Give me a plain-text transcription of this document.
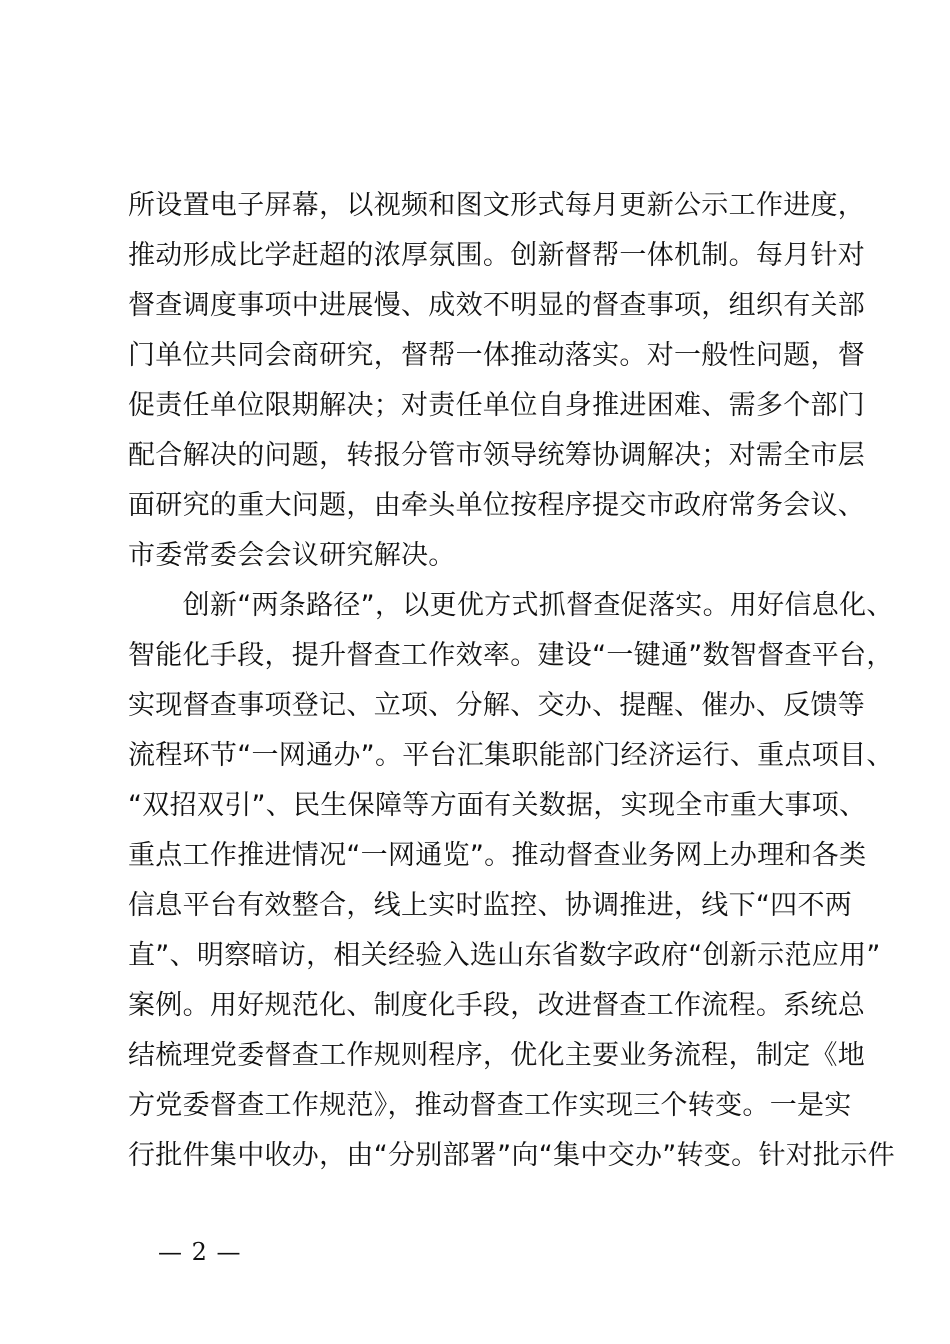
所设置电子屏幕，以视频和图文形式每月更新公示工作进度，
推动形成比学赶超的浓厚氛围。创新督帮一体机制。每月针对
督查调度事项中进展慢、成效不明显的督查事项，组织有关部
门单位共同会商研究，督帮一体推动落实。对一般性问题，督
促责任单位限期解决；对责任单位自身推进困难、需多个部门
配合解决的问题，转报分管市领导统筹协调解决；对需全市层
面研究的重大问题，由牵头单位按程序提交市政府常务会议、
市委常委会会议研究解决。
　　创新“两条路径”，以更优方式抓督查促落实。用好信息化、
智能化手段，提升督查工作效率。建设“一键通”数智督查平台，
实现督查事项登记、立项、分解、交办、提醒、催办、反馈等
流程环节“一网通办”。平台汇集职能部门经济运行、重点项目、
“双招双引”、民生保障等方面有关数据，实现全市重大事项、
重点工作推进情况“一网通览”。推动督查业务网上办理和各类
信息平台有效整合，线上实时监控、协调推进，线下“四不两
直”、明察暗访，相关经验入选山东省数字政府“创新示范应用”
案例。用好规范化、制度化手段，改进督查工作流程。系统总
结梳理党委督查工作规则程序，优化主要业务流程，制定《地
方党委督查工作规范》，推动督查工作实现三个转变。一是实
行批件集中收办，由“分别部署”向“集中交办”转变。针对批示件
— 2 —
